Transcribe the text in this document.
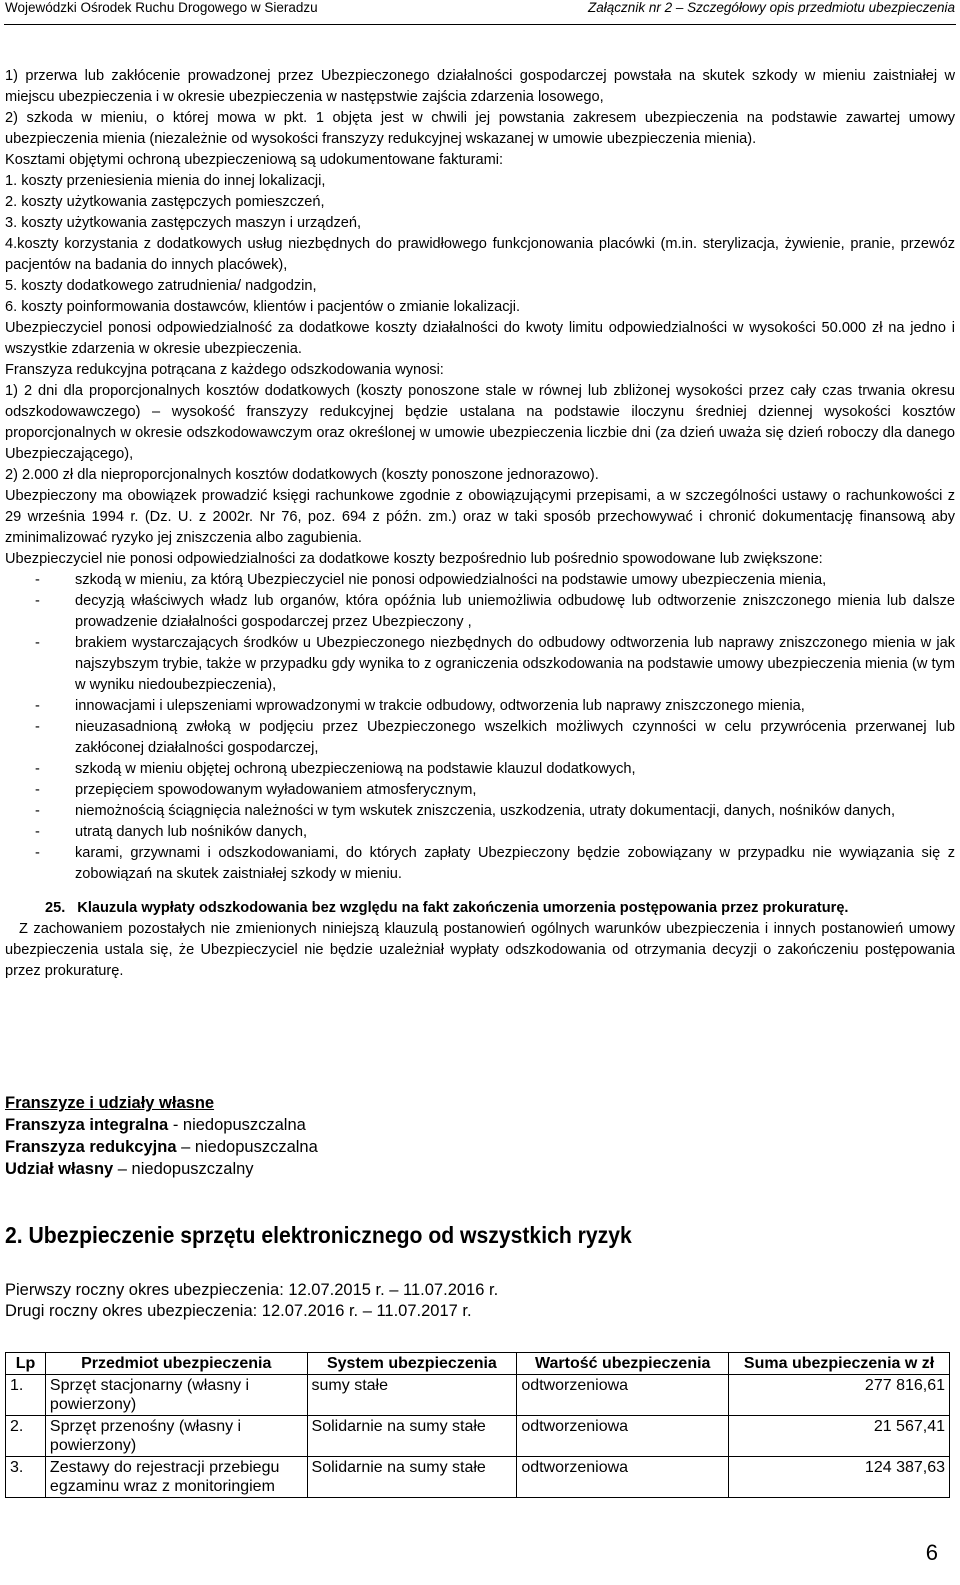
Wojewódzki Ośrodek Ruchu Drogowego w Sieradzu	Załącznik nr 2 – Szczegółowy opis przedmiotu ubezpieczenia

1) przerwa lub zakłócenie prowadzonej przez Ubezpieczonego działalności gospodarczej powstała na skutek szkody w mieniu zaistniałej w miejscu ubezpieczenia i w okresie ubezpieczenia w następstwie zajścia zdarzenia losowego,

2) szkoda w mieniu, o której mowa w pkt. 1 objęta jest w chwili jej powstania zakresem ubezpieczenia na podstawie zawartej umowy ubezpieczenia mienia (niezależnie od wysokości franszyzy redukcyjnej wskazanej w umowie ubezpieczenia mienia).

Kosztami objętymi ochroną ubezpieczeniową są udokumentowane fakturami:

1. koszty przeniesienia mienia do innej lokalizacji,

2. koszty użytkowania zastępczych pomieszczeń,

3. koszty użytkowania zastępczych maszyn i urządzeń,

4.koszty korzystania z dodatkowych usług niezbędnych do prawidłowego funkcjonowania placówki (m.in. sterylizacja, żywienie, pranie, przewóz pacjentów na badania do innych placówek),

5. koszty dodatkowego zatrudnienia/ nadgodzin,

6. koszty poinformowania dostawców, klientów i pacjentów o zmianie lokalizacji.

Ubezpieczyciel ponosi odpowiedzialność za dodatkowe koszty działalności do kwoty limitu odpowiedzialności w wysokości 50.000 zł na jedno i wszystkie zdarzenia w okresie ubezpieczenia.

Franszyza redukcyjna potrącana z każdego odszkodowania wynosi:

1) 2 dni dla proporcjonalnych kosztów dodatkowych (koszty ponoszone stale w równej lub zbliżonej wysokości przez cały czas trwania okresu odszkodowawczego) – wysokość franszyzy redukcyjnej będzie ustalana na podstawie iloczynu średniej dziennej wysokości kosztów proporcjonalnych w okresie odszkodowawczym oraz określonej w umowie ubezpieczenia liczbie dni (za dzień uważa się dzień roboczy dla danego Ubezpieczającego),

2) 2.000 zł dla nieproporcjonalnych kosztów dodatkowych (koszty ponoszone jednorazowo).

Ubezpieczony ma obowiązek prowadzić księgi rachunkowe zgodnie z obowiązującymi przepisami, a w szczególności ustawy o rachunkowości z 29 września 1994 r. (Dz. U. z 2002r. Nr 76, poz. 694 z późn. zm.) oraz w taki sposób przechowywać i chronić dokumentację finansową aby zminimalizować ryzyko jej zniszczenia albo zagubienia.

Ubezpieczyciel nie ponosi odpowiedzialności za dodatkowe koszty bezpośrednio lub pośrednio spowodowane lub zwiększone:

- szkodą w mieniu, za którą Ubezpieczyciel nie ponosi odpowiedzialności na podstawie umowy ubezpieczenia mienia,
- decyzją właściwych władz lub organów, która opóźnia lub uniemożliwia odbudowę lub odtworzenie zniszczonego mienia lub dalsze prowadzenie działalności gospodarczej przez Ubezpieczony ,
- brakiem wystarczających środków u Ubezpieczonego niezbędnych do odbudowy odtworzenia lub naprawy zniszczonego mienia w jak najszybszym trybie, także w przypadku gdy wynika to z ograniczenia odszkodowania na podstawie umowy ubezpieczenia mienia (w tym w wyniku niedoubezpieczenia),
- innowacjami i ulepszeniami wprowadzonymi w trakcie odbudowy, odtworzenia lub naprawy zniszczonego mienia,
- nieuzasadnioną zwłoką w podjęciu przez Ubezpieczonego wszelkich możliwych czynności w celu przywrócenia przerwanej lub zakłóconej działalności gospodarczej,
- szkodą w mieniu objętej ochroną ubezpieczeniową na podstawie klauzul dodatkowych,
- przepięciem spowodowanym wyładowaniem atmosferycznym,
- niemożnością ściągnięcia należności w tym wskutek zniszczenia, uszkodzenia, utraty dokumentacji, danych, nośników danych,
- utratą danych lub nośników danych,
- karami, grzywnami i odszkodowaniami, do których zapłaty Ubezpieczony będzie zobowiązany w przypadku nie wywiązania się z zobowiązań na skutek zaistniałej szkody w mieniu.
25. Klauzula wypłaty odszkodowania bez względu na fakt zakończenia umorzenia postępowania przez prokuraturę.

Z zachowaniem pozostałych nie zmienionych niniejszą klauzulą postanowień ogólnych warunków ubezpieczenia i innych postanowień umowy ubezpieczenia ustala się, że Ubezpieczyciel nie będzie uzależniał wypłaty odszkodowania od otrzymania decyzji o zakończeniu postępowania przez prokuraturę.

Franszyze i udziały własne
Franszyza integralna - niedopuszczalna
Franszyza redukcyjna – niedopuszczalna
Udział własny – niedopuszczalny
2. Ubezpieczenie sprzętu elektronicznego od wszystkich ryzyk
Pierwszy roczny okres ubezpieczenia: 12.07.2015 r. – 11.07.2016 r.
Drugi roczny okres ubezpieczenia: 12.07.2016 r. – 11.07.2017 r.
Lp	Przedmiot ubezpieczenia	System ubezpieczenia	Wartość ubezpieczenia	Suma ubezpieczenia w zł
1.	Sprzęt stacjonarny (własny i powierzony)	sumy stałe	odtworzeniowa	277 816,61
2.	Sprzęt przenośny (własny i powierzony)	Solidarnie na sumy stałe	odtworzeniowa	21 567,41
3.	Zestawy do rejestracji przebiegu egzaminu wraz z monitoringiem	Solidarnie na sumy stałe	odtworzeniowa	124 387,63
6
